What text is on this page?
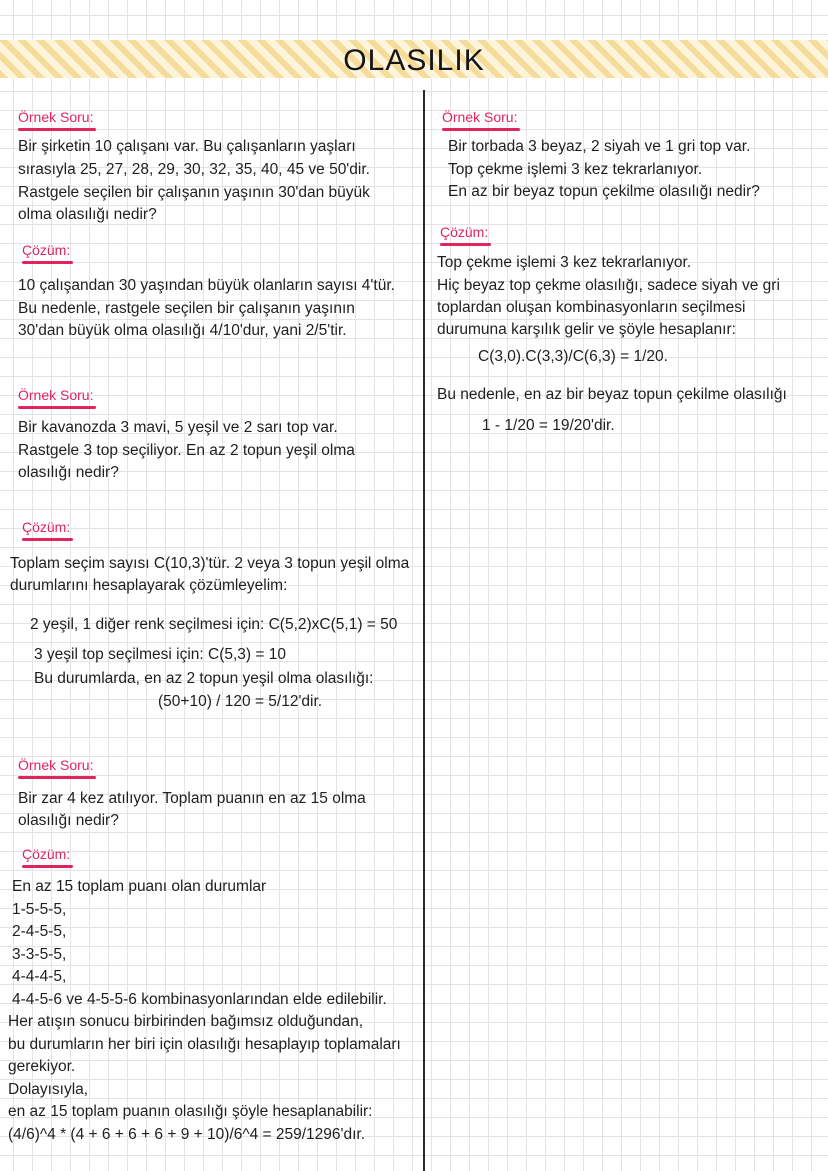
OLASILIK
Örnek Soru:
Bir şirketin 10 çalışanı var. Bu çalışanların yaşları
sırasıyla 25, 27, 28, 29, 30, 32, 35, 40, 45 ve 50'dir.
Rastgele seçilen bir çalışanın yaşının 30'dan büyük
olma olasılığı nedir?
Çözüm:
10 çalışandan 30 yaşından büyük olanların sayısı 4'tür.
Bu nedenle, rastgele seçilen bir çalışanın yaşının
30'dan büyük olma olasılığı 4/10'dur, yani 2/5'tir.
Örnek Soru:
Bir kavanozda 3 mavi, 5 yeşil ve 2 sarı top var.
Rastgele 3 top seçiliyor. En az 2 topun yeşil olma
olasılığı nedir?
Çözüm:
Toplam seçim sayısı C(10,3)'tür. 2 veya 3 topun yeşil olma
durumlarını hesaplayarak çözümleyelim:
2 yeşil, 1 diğer renk seçilmesi için: C(5,2)xC(5,1) = 50
3 yeşil top seçilmesi için: C(5,3) = 10
Bu durumlarda, en az 2 topun yeşil olma olasılığı:
(50+10) / 120 = 5/12'dir.
Örnek Soru:
Bir zar 4 kez atılıyor. Toplam puanın en az 15 olma
olasılığı nedir?
Çözüm:
En az 15 toplam puanı olan durumlar
1-5-5-5,
2-4-5-5,
3-3-5-5,
4-4-4-5,
4-4-5-6 ve 4-5-5-6 kombinasyonlarından elde edilebilir.
Her atışın sonucu birbirinden bağımsız olduğundan,
bu durumların her biri için olasılığı hesaplayıp toplamaları
gerekiyor.
Dolayısıyla,
en az 15 toplam puanın olasılığı şöyle hesaplanabilir:
(4/6)^4 * (4 + 6 + 6 + 6 + 9 + 10)/6^4 = 259/1296'dır.
Örnek Soru:
Bir torbada 3 beyaz, 2 siyah ve 1 gri top var.
Top çekme işlemi 3 kez tekrarlanıyor.
En az bir beyaz topun çekilme olasılığı nedir?
Çözüm:
Top çekme işlemi 3 kez tekrarlanıyor.
Hiç beyaz top çekme olasılığı, sadece siyah ve gri
toplardan oluşan kombinasyonların seçilmesi
durumuna karşılık gelir ve şöyle hesaplanır:
C(3,0).C(3,3)/C(6,3) = 1/20.
Bu nedenle, en az bir beyaz topun çekilme olasılığı
1 - 1/20 = 19/20'dir.
